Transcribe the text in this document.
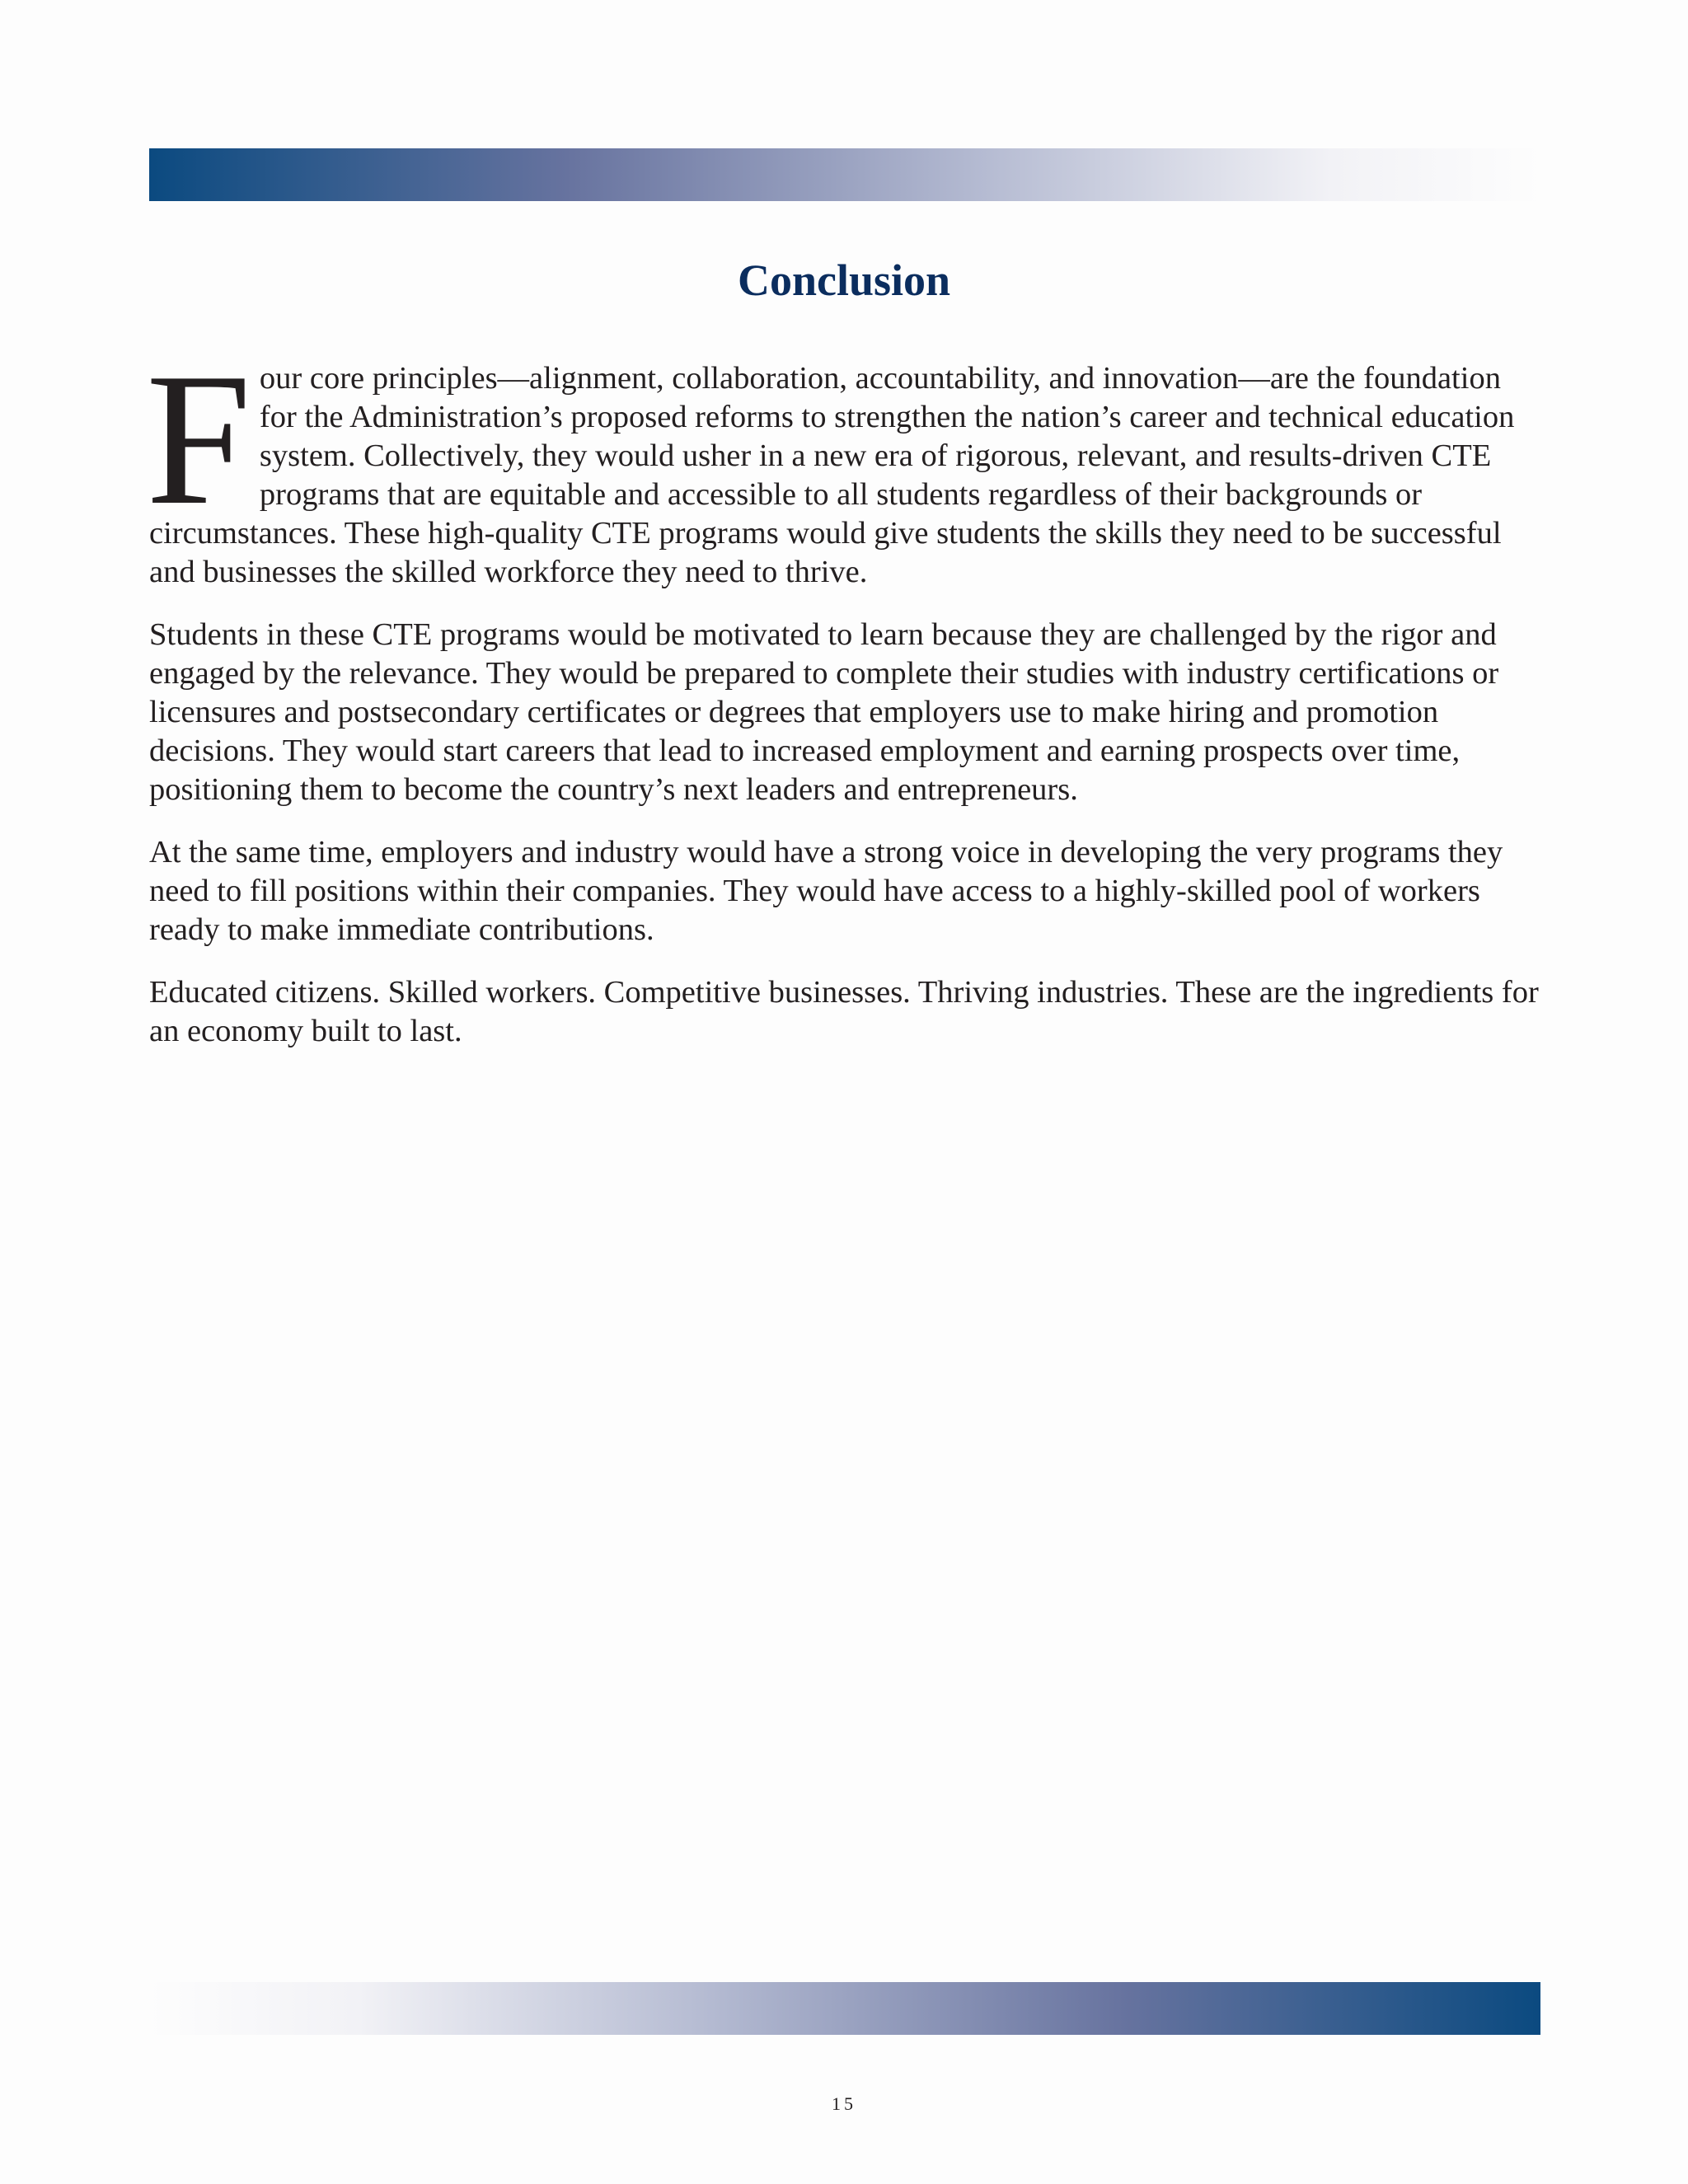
Conclusion

Four core principles—alignment, collaboration, accountability, and innovation—are the foundation for the Administration’s proposed reforms to strengthen the nation’s career and technical education system. Collectively, they would usher in a new era of rigorous, relevant, and results-driven CTE programs that are equitable and accessible to all students regardless of their backgrounds or circumstances. These high-quality CTE programs would give students the skills they need to be successful and businesses the skilled workforce they need to thrive.

Students in these CTE programs would be motivated to learn because they are challenged by the rigor and engaged by the relevance. They would be prepared to complete their studies with industry certifications or licensures and postsecondary certificates or degrees that employers use to make hiring and promotion decisions. They would start careers that lead to increased employment and earning prospects over time, positioning them to become the country’s next leaders and entrepreneurs.

At the same time, employers and industry would have a strong voice in developing the very programs they need to fill positions within their companies. They would have access to a highly-skilled pool of workers ready to make immediate contributions.

Educated citizens. Skilled workers. Competitive businesses. Thriving industries. These are the ingredients for an economy built to last.

15
